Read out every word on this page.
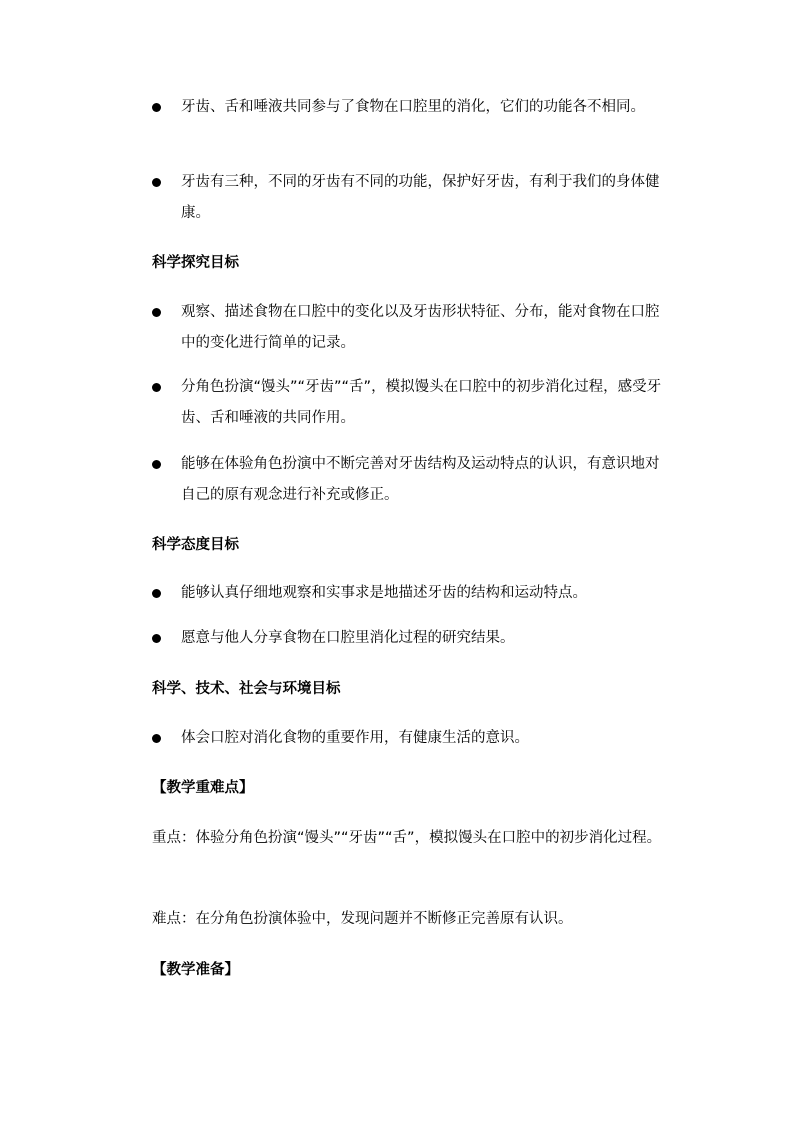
牙齿、舌和唾液共同参与了食物在口腔里的消化，它们的功能各不相同。
牙齿有三种，不同的牙齿有不同的功能，保护好牙齿，有利于我们的身体健康。
科学探究目标
观察、描述食物在口腔中的变化以及牙齿形状特征、分布，能对食物在口腔中的变化进行简单的记录。
分角色扮演“馒头”“牙齿”“舌”，模拟馒头在口腔中的初步消化过程，感受牙齿、舌和唾液的共同作用。
能够在体验角色扮演中不断完善对牙齿结构及运动特点的认识，有意识地对自己的原有观念进行补充或修正。
科学态度目标
能够认真仔细地观察和实事求是地描述牙齿的结构和运动特点。
愿意与他人分享食物在口腔里消化过程的研究结果。
科学、技术、社会与环境目标
体会口腔对消化食物的重要作用，有健康生活的意识。
【教学重难点】
重点：体验分角色扮演“馒头”“牙齿”“舌”，模拟馒头在口腔中的初步消化过程。
难点：在分角色扮演体验中，发现问题并不断修正完善原有认识。
【教学准备】
